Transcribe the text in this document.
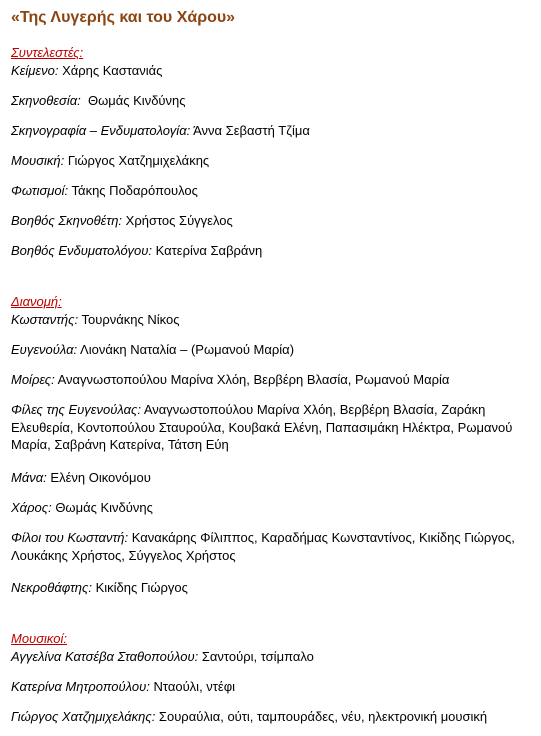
«Της Λυγερής και του Χάρου»
Συντελεστές:
Κείμενο: Χάρης Καστανιάς
Σκηνοθεσία:  Θωμάς Κινδύνης
Σκηνογραφία – Ενδυματολογία: Άννα Σεβαστή Τζίμα
Μουσική: Γιώργος Χατζημιχελάκης
Φωτισμοί: Τάκης Ποδαρόπουλος
Βοηθός Σκηνοθέτη: Χρήστος Σύγγελος
Βοηθός Ενδυματολόγου: Κατερίνα Σαβράνη
Διανομή:
Κωσταντής: Τουρνάκης Νίκος
Ευγενούλα: Λιονάκη Ναταλία – (Ρωμανού Μαρία)
Μοίρες: Αναγνωστοπούλου Μαρίνα Χλόη, Βερβέρη Βλασία, Ρωμανού Μαρία
Φίλες της Ευγενούλας: Αναγνωστοπούλου Μαρίνα Χλόη, Βερβέρη Βλασία, Ζαράκη Ελευθερία, Κοντοπούλου Σταυρούλα, Κουβακά Ελένη, Παπασιμάκη Ηλέκτρα, Ρωμανού Μαρία, Σαβράνη Κατερίνα, Τάτση Εύη
Μάνα: Ελένη Οικονόμου
Χάρος: Θωμάς Κινδύνης
Φίλοι του Κωσταντή: Κανακάρης Φίλιππος, Καραδήμας Κωνσταντίνος, Κικίδης Γιώργος, Λουκάκης Χρήστος, Σύγγελος Χρήστος
Νεκροθάφτης: Κικίδης Γιώργος
Μουσικοί:
Αγγελίνα Κατσέβα Σταθοπούλου: Σαντούρι, τσίμπαλο
Κατερίνα Μητροπούλου: Νταούλι, ντέφι
Γιώργος Χατζημιχελάκης: Σουραύλια, ούτι, ταμπουράδες, νέυ, ηλεκτρονική μουσική
